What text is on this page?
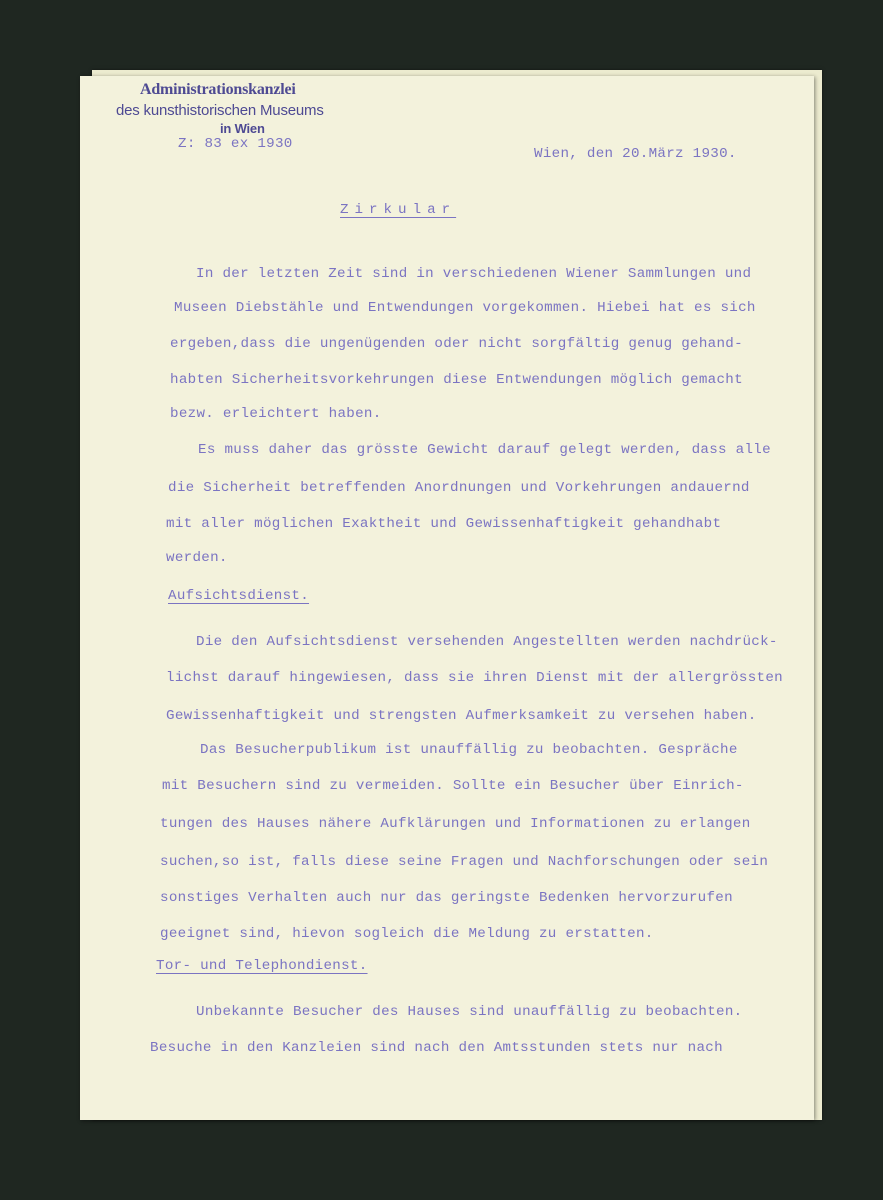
Administrationskanzlei
des kunsthistorischen Museums
in Wien
Z: 83 ex 1930
Wien, den 20.März 1930.
Zirkular
In der letzten Zeit sind in verschiedenen Wiener Sammlungen und
Museen Diebstähle und Entwendungen vorgekommen. Hiebei hat es sich
ergeben,dass die ungenügenden oder nicht sorgfältig genug gehand-
habten Sicherheitsvorkehrungen diese Entwendungen möglich gemacht
bezw. erleichtert haben.
Es muss daher das grösste Gewicht darauf gelegt werden, dass alle
die Sicherheit betreffenden Anordnungen und Vorkehrungen andauernd
mit aller möglichen Exaktheit und Gewissenhaftigkeit gehandhabt
werden.
Aufsichtsdienst.
Die den Aufsichtsdienst versehenden Angestellten werden nachdrück-
lichst darauf hingewiesen, dass sie ihren Dienst mit der allergrössten
Gewissenhaftigkeit und strengsten Aufmerksamkeit zu versehen haben.
Das Besucherpublikum ist unauffällig zu beobachten. Gespräche
mit Besuchern sind zu vermeiden. Sollte ein Besucher über Einrich-
tungen des Hauses nähere Aufklärungen und Informationen zu erlangen
suchen,so ist, falls diese seine Fragen und Nachforschungen oder sein
sonstiges Verhalten auch nur das geringste Bedenken hervorzurufen
geeignet sind, hievon sogleich die Meldung zu erstatten.
Tor- und Telephondienst.
Unbekannte Besucher des Hauses sind unauffällig zu beobachten.
Besuche in den Kanzleien sind nach den Amtsstunden stets nur nach
